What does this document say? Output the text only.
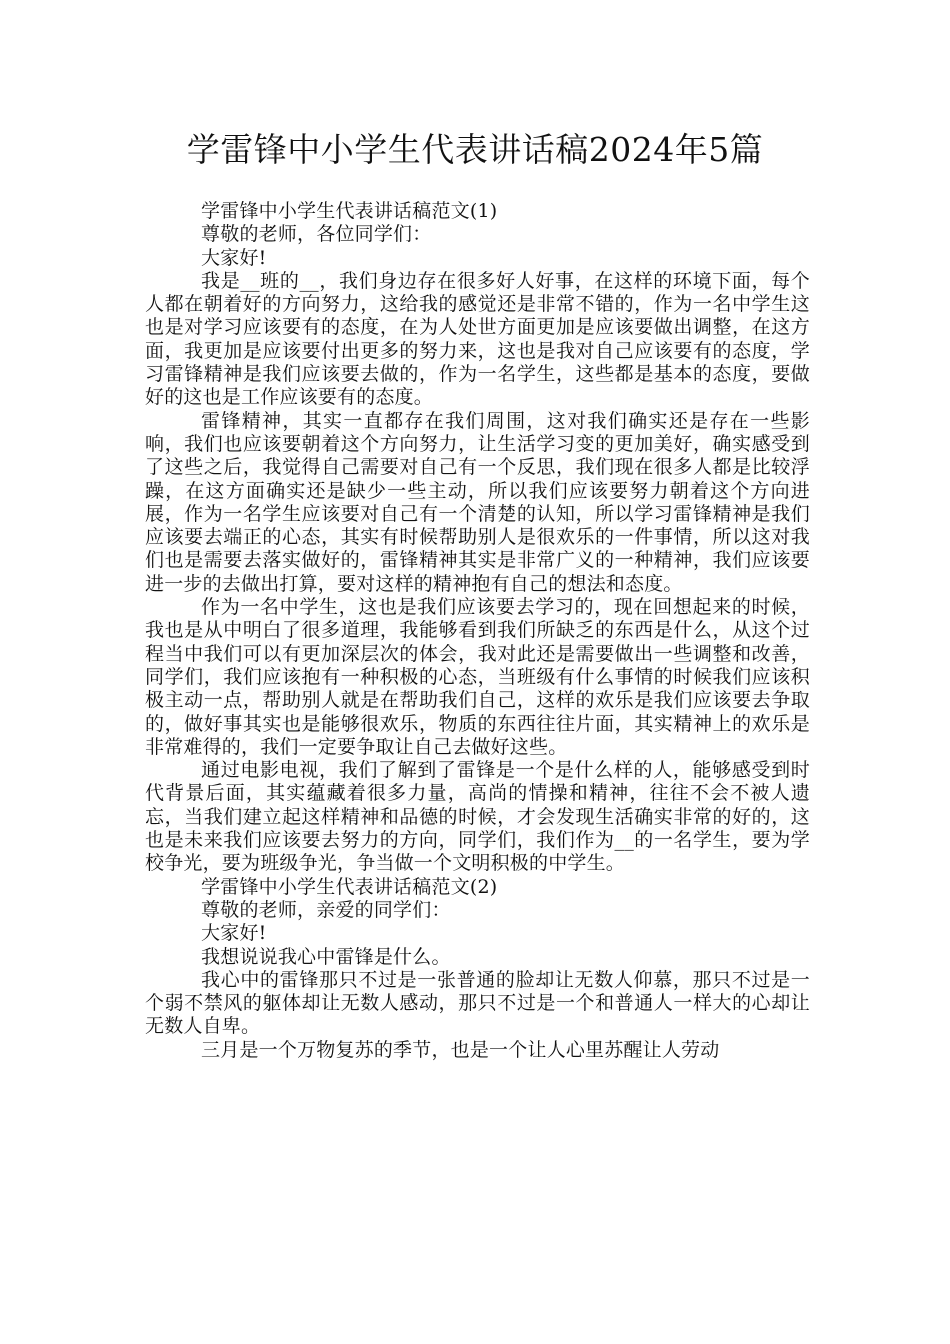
学雷锋中小学生代表讲话稿2024年5篇

学雷锋中小学生代表讲话稿范文(1)

尊敬的老师，各位同学们：

大家好!

我是__班的__，我们身边存在很多好人好事，在这样的环境下面，每个人都在朝着好的方向努力，这给我的感觉还是非常不错的，作为一名中学生这也是对学习应该要有的态度，在为人处世方面更加是应该要做出调整，在这方面，我更加是应该要付出更多的努力来，这也是我对自己应该要有的态度，学习雷锋精神是我们应该要去做的，作为一名学生，这些都是基本的态度，要做好的这也是工作应该要有的态度。

雷锋精神，其实一直都存在我们周围，这对我们确实还是存在一些影响，我们也应该要朝着这个方向努力，让生活学习变的更加美好，确实感受到了这些之后，我觉得自己需要对自己有一个反思，我们现在很多人都是比较浮躁，在这方面确实还是缺少一些主动，所以我们应该要努力朝着这个方向进展，作为一名学生应该要对自己有一个清楚的认知，所以学习雷锋精神是我们应该要去端正的心态，其实有时候帮助别人是很欢乐的一件事情，所以这对我们也是需要去落实做好的，雷锋精神其实是非常广义的一种精神，我们应该要进一步的去做出打算，要对这样的精神抱有自己的想法和态度。

作为一名中学生，这也是我们应该要去学习的，现在回想起来的时候，我也是从中明白了很多道理，我能够看到我们所缺乏的东西是什么，从这个过程当中我们可以有更加深层次的体会，我对此还是需要做出一些调整和改善，同学们，我们应该抱有一种积极的心态，当班级有什么事情的时候我们应该积极主动一点，帮助别人就是在帮助我们自己，这样的欢乐是我们应该要去争取的，做好事其实也是能够很欢乐，物质的东西往往片面，其实精神上的欢乐是非常难得的，我们一定要争取让自己去做好这些。

通过电影电视，我们了解到了雷锋是一个是什么样的人，能够感受到时代背景后面，其实蕴藏着很多力量，高尚的情操和精神，往往不会不被人遗忘，当我们建立起这样精神和品德的时候，才会发现生活确实非常的好的，这也是未来我们应该要去努力的方向，同学们，我们作为__的一名学生，要为学校争光，要为班级争光，争当做一个文明积极的中学生。

学雷锋中小学生代表讲话稿范文(2)

尊敬的老师，亲爱的同学们：

大家好!

我想说说我心中雷锋是什么。

我心中的雷锋那只不过是一张普通的脸却让无数人仰慕，那只不过是一个弱不禁风的躯体却让无数人感动，那只不过是一个和普通人一样大的心却让无数人自卑。

三月是一个万物复苏的季节，也是一个让人心里苏醒让人劳动
